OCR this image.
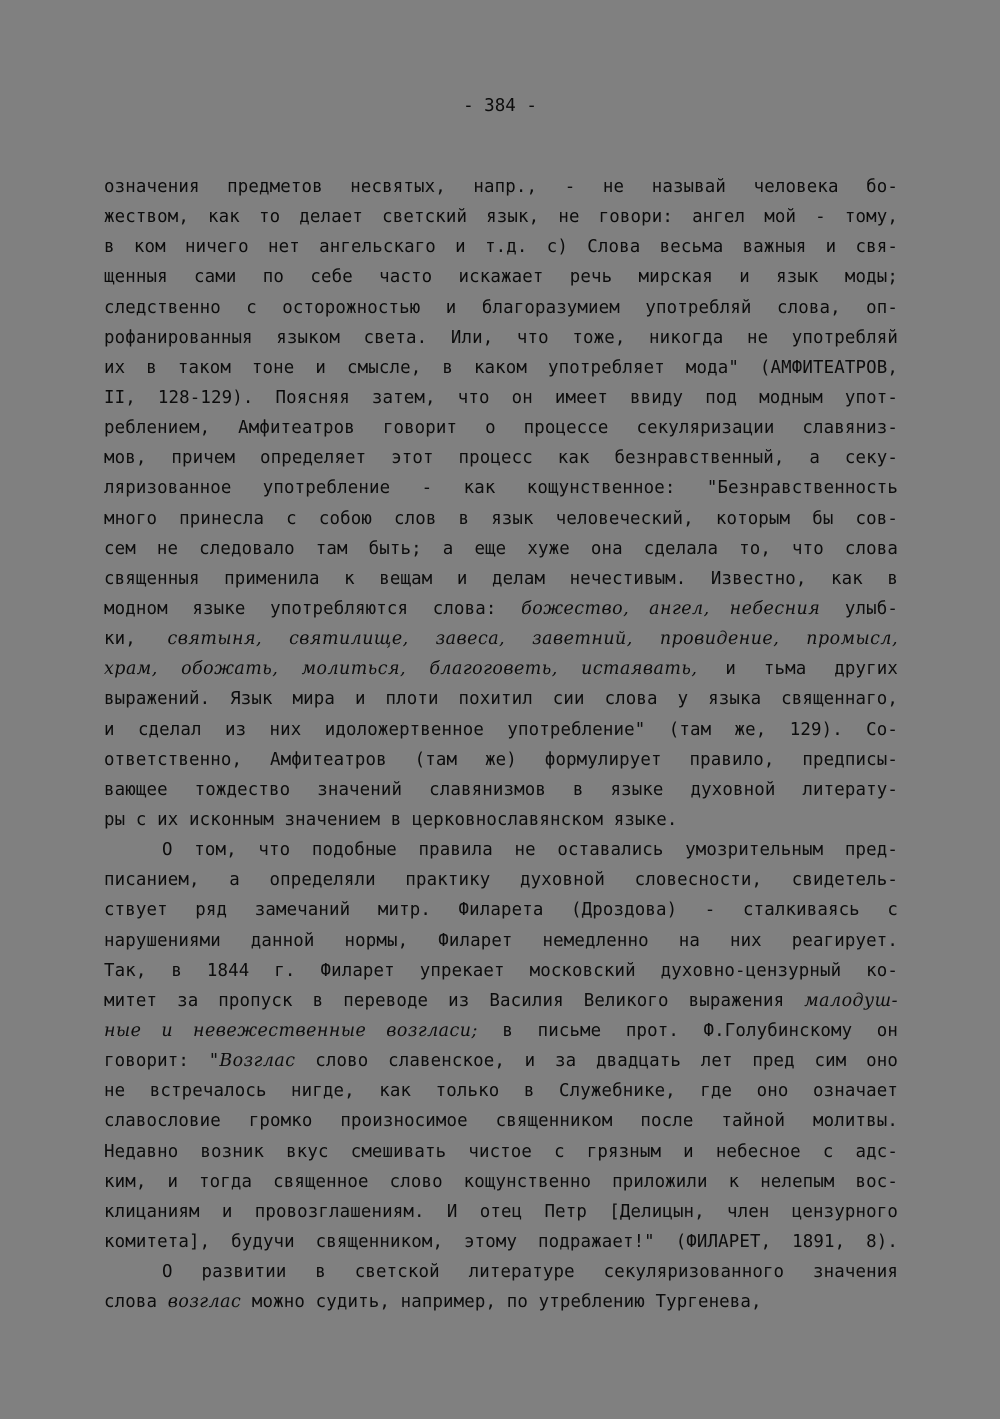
- 384 -
означения предметов несвятых, напр., - не называй человека бо-
жеством, как то делает светский язык, не говори: ангел мой - тому,
в ком ничего нет ангельскаго и т.д. с) Слова весьма важныя и свя-
щенныя сами по себе часто искажает речь мирская и язык моды;
следственно с осторожностью и благоразумием употребляй слова, оп-
рофанированныя языком света. Или, что тоже, никогда не употребляй
их в таком тоне и смысле, в каком употребляет мода" (АМФИТЕАТРОВ,
II, 128-129). Поясняя затем, что он имеет ввиду под модным упот-
реблением, Амфитеатров говорит о процессе секуляризации славяниз-
мов, причем определяет этот процесс как безнравственный, а секу-
ляризованное употребление - как кощунственное: "Безнравственность
много принесла с собою слов в язык человеческий, которым бы сов-
сем не следовало там быть; а еще хуже она сделала то, что слова
священныя применила к вещам и делам нечестивым. Известно, как в
модном языке употребляются слова: божество, ангел, небесния улыб-
ки, святыня, святилище, завеса, заветний, провидение, промысл,
храм, обожать, молиться, благоговеть, истаявать, и тьма других
выражений. Язык мира и плоти похитил сии слова у языка священнаго,
и сделал из них идоложертвенное употребление" (там же, 129). Со-
ответственно, Амфитеатров (там же) формулирует правило, предписы-
вающее тождество значений славянизмов в языке духовной литерату-
ры с их исконным значением в церковнославянском языке.
О том, что подобные правила не оставались умозрительным пред-
писанием, а определяли практику духовной словесности, свидетель-
ствует ряд замечаний митр. Филарета (Дроздова) - сталкиваясь с
нарушениями данной нормы, Филарет немедленно на них реагирует.
Так, в 1844 г. Филарет упрекает московский духовно-цензурный ко-
митет за пропуск в переводе из Василия Великого выражения малодуш-
ные и невежественные возгласи; в письме прот. Ф.Голубинскому он
говорит: "Возглас слово славенское, и за двадцать лет пред сим оно
не встречалось нигде, как только в Служебнике, где оно означает
славословие громко произносимое священником после тайной молитвы.
Недавно возник вкус смешивать чистое с грязным и небесное с адс-
ким, и тогда священное слово кощунственно приложили к нелепым вос-
клицаниям и провозглашениям. И отец Петр [Делицын, член цензурного
комитета], будучи священником, этому подражает!" (ФИЛАРЕТ, 1891, 8).
О развитии в светской литературе секуляризованного значения
слова возглас можно судить, например, по утреблению Тургенева,
